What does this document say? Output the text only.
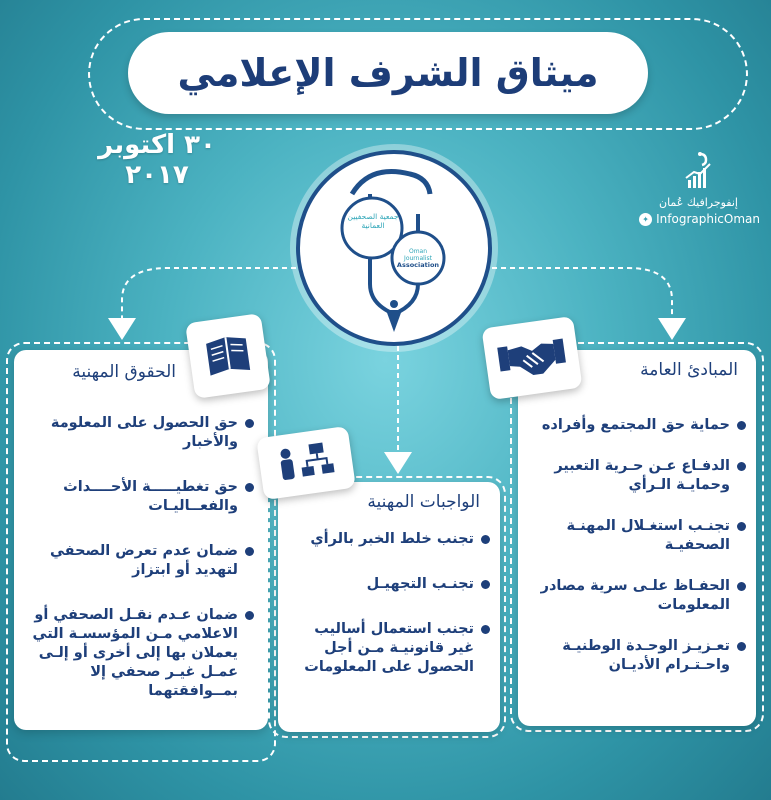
ميثاق الشرف الإعلامي
٣٠ اكتوبر ٢٠١٧
إنفوجرافيك عُمان
✦ InfographicOman
جمعية الصحفيين العمانية
Oman
Journalist
Association
الحقوق المهنية
حق الحصول على المعلومة والأخبار
حق تغطيـــــة الأحــــداث والفعــاليـات
ضمان عدم تعرض الصحفي لتهديد أو ابتزاز
ضمان عـدم نقـل الصحفي أو الاعلامي مـن المؤسسـة التي يعملان بها إلى أخرى أو إلـى عمـل غيـر صحفي إلا بمــوافقتهما
الواجبات المهنية
تجنب خلط الخبر بالرأي
تجنـب التجهيـل
تجنب استعمال أساليب غير قانونيـة مـن أجل الحصول على المعلومات
المبادئ العامة
حماية حق المجتمع وأفراده
الدفـاع عـن حـرية التعبير وحمايـة الـرأي
تجنـب استغـلال المهنـة الصحفيـة
الحفـاظ علـى سرية مصادر المعلومات
تعـزيـز الوحـدة الوطنيـة واحـتـرام الأديـان
